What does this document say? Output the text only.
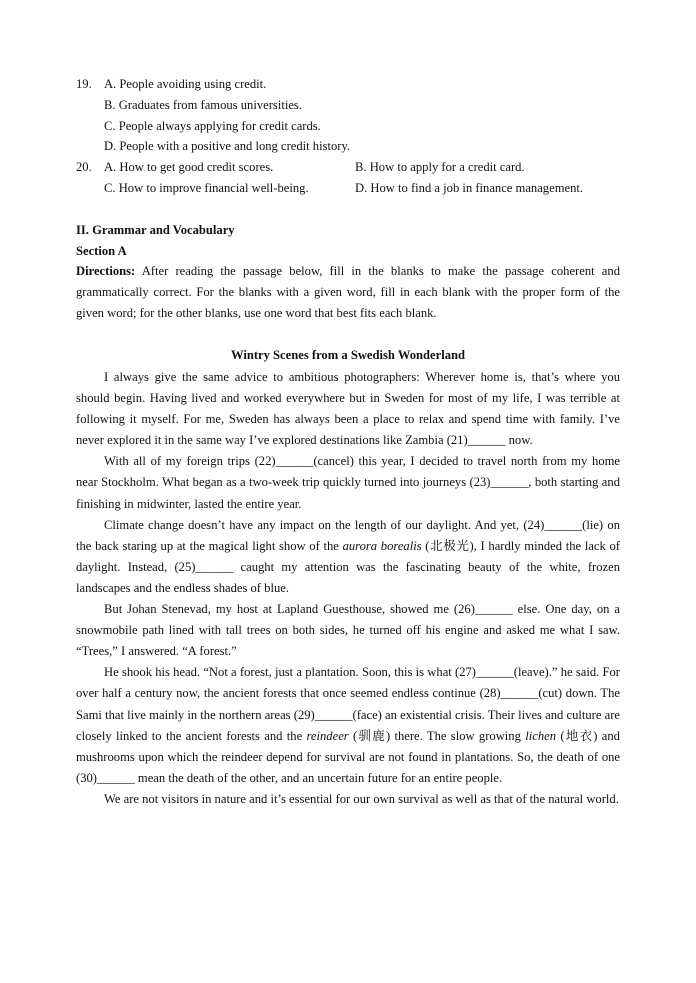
19. A. People avoiding using credit.
B. Graduates from famous universities.
C. People always applying for credit cards.
D. People with a positive and long credit history.
20. A. How to get good credit scores.	B. How to apply for a credit card.
C. How to improve financial well-being.	D. How to find a job in finance management.
II. Grammar and Vocabulary
Section A
Directions: After reading the passage below, fill in the blanks to make the passage coherent and grammatically correct. For the blanks with a given word, fill in each blank with the proper form of the given word; for the other blanks, use one word that best fits each blank.
Wintry Scenes from a Swedish Wonderland

I always give the same advice to ambitious photographers: Wherever home is, that’s where you should begin. Having lived and worked everywhere but in Sweden for most of my life, I was terrible at following it myself. For me, Sweden has always been a place to relax and spend time with family. I’ve never explored it in the same way I’ve explored destinations like Zambia (21)______ now.

With all of my foreign trips (22)______(cancel) this year, I decided to travel north from my home near Stockholm. What began as a two-week trip quickly turned into journeys (23)______, both starting and finishing in midwinter, lasted the entire year.

Climate change doesn’t have any impact on the length of our daylight. And yet, (24)______(lie) on the back staring up at the magical light show of the aurora borealis (北极光), I hardly minded the lack of daylight. Instead, (25)______ caught my attention was the fascinating beauty of the white, frozen landscapes and the endless shades of blue.

But Johan Stenevad, my host at Lapland Guesthouse, showed me (26)______ else. One day, on a snowmobile path lined with tall trees on both sides, he turned off his engine and asked me what I saw. “Trees,” I answered. “A forest.”

He shook his head. “Not a forest, just a plantation. Soon, this is what (27)______(leave).” he said. For over half a century now, the ancient forests that once seemed endless continue (28)______(cut) down. The Sami that live mainly in the northern areas (29)______(face) an existential crisis. Their lives and culture are closely linked to the ancient forests and the reindeer (驯鹿) there. The slow growing lichen (地衣) and mushrooms upon which the reindeer depend for survival are not found in plantations. So, the death of one (30)______ mean the death of the other, and an uncertain future for an entire people.

We are not visitors in nature and it’s essential for our own survival as well as that of the natural world.
